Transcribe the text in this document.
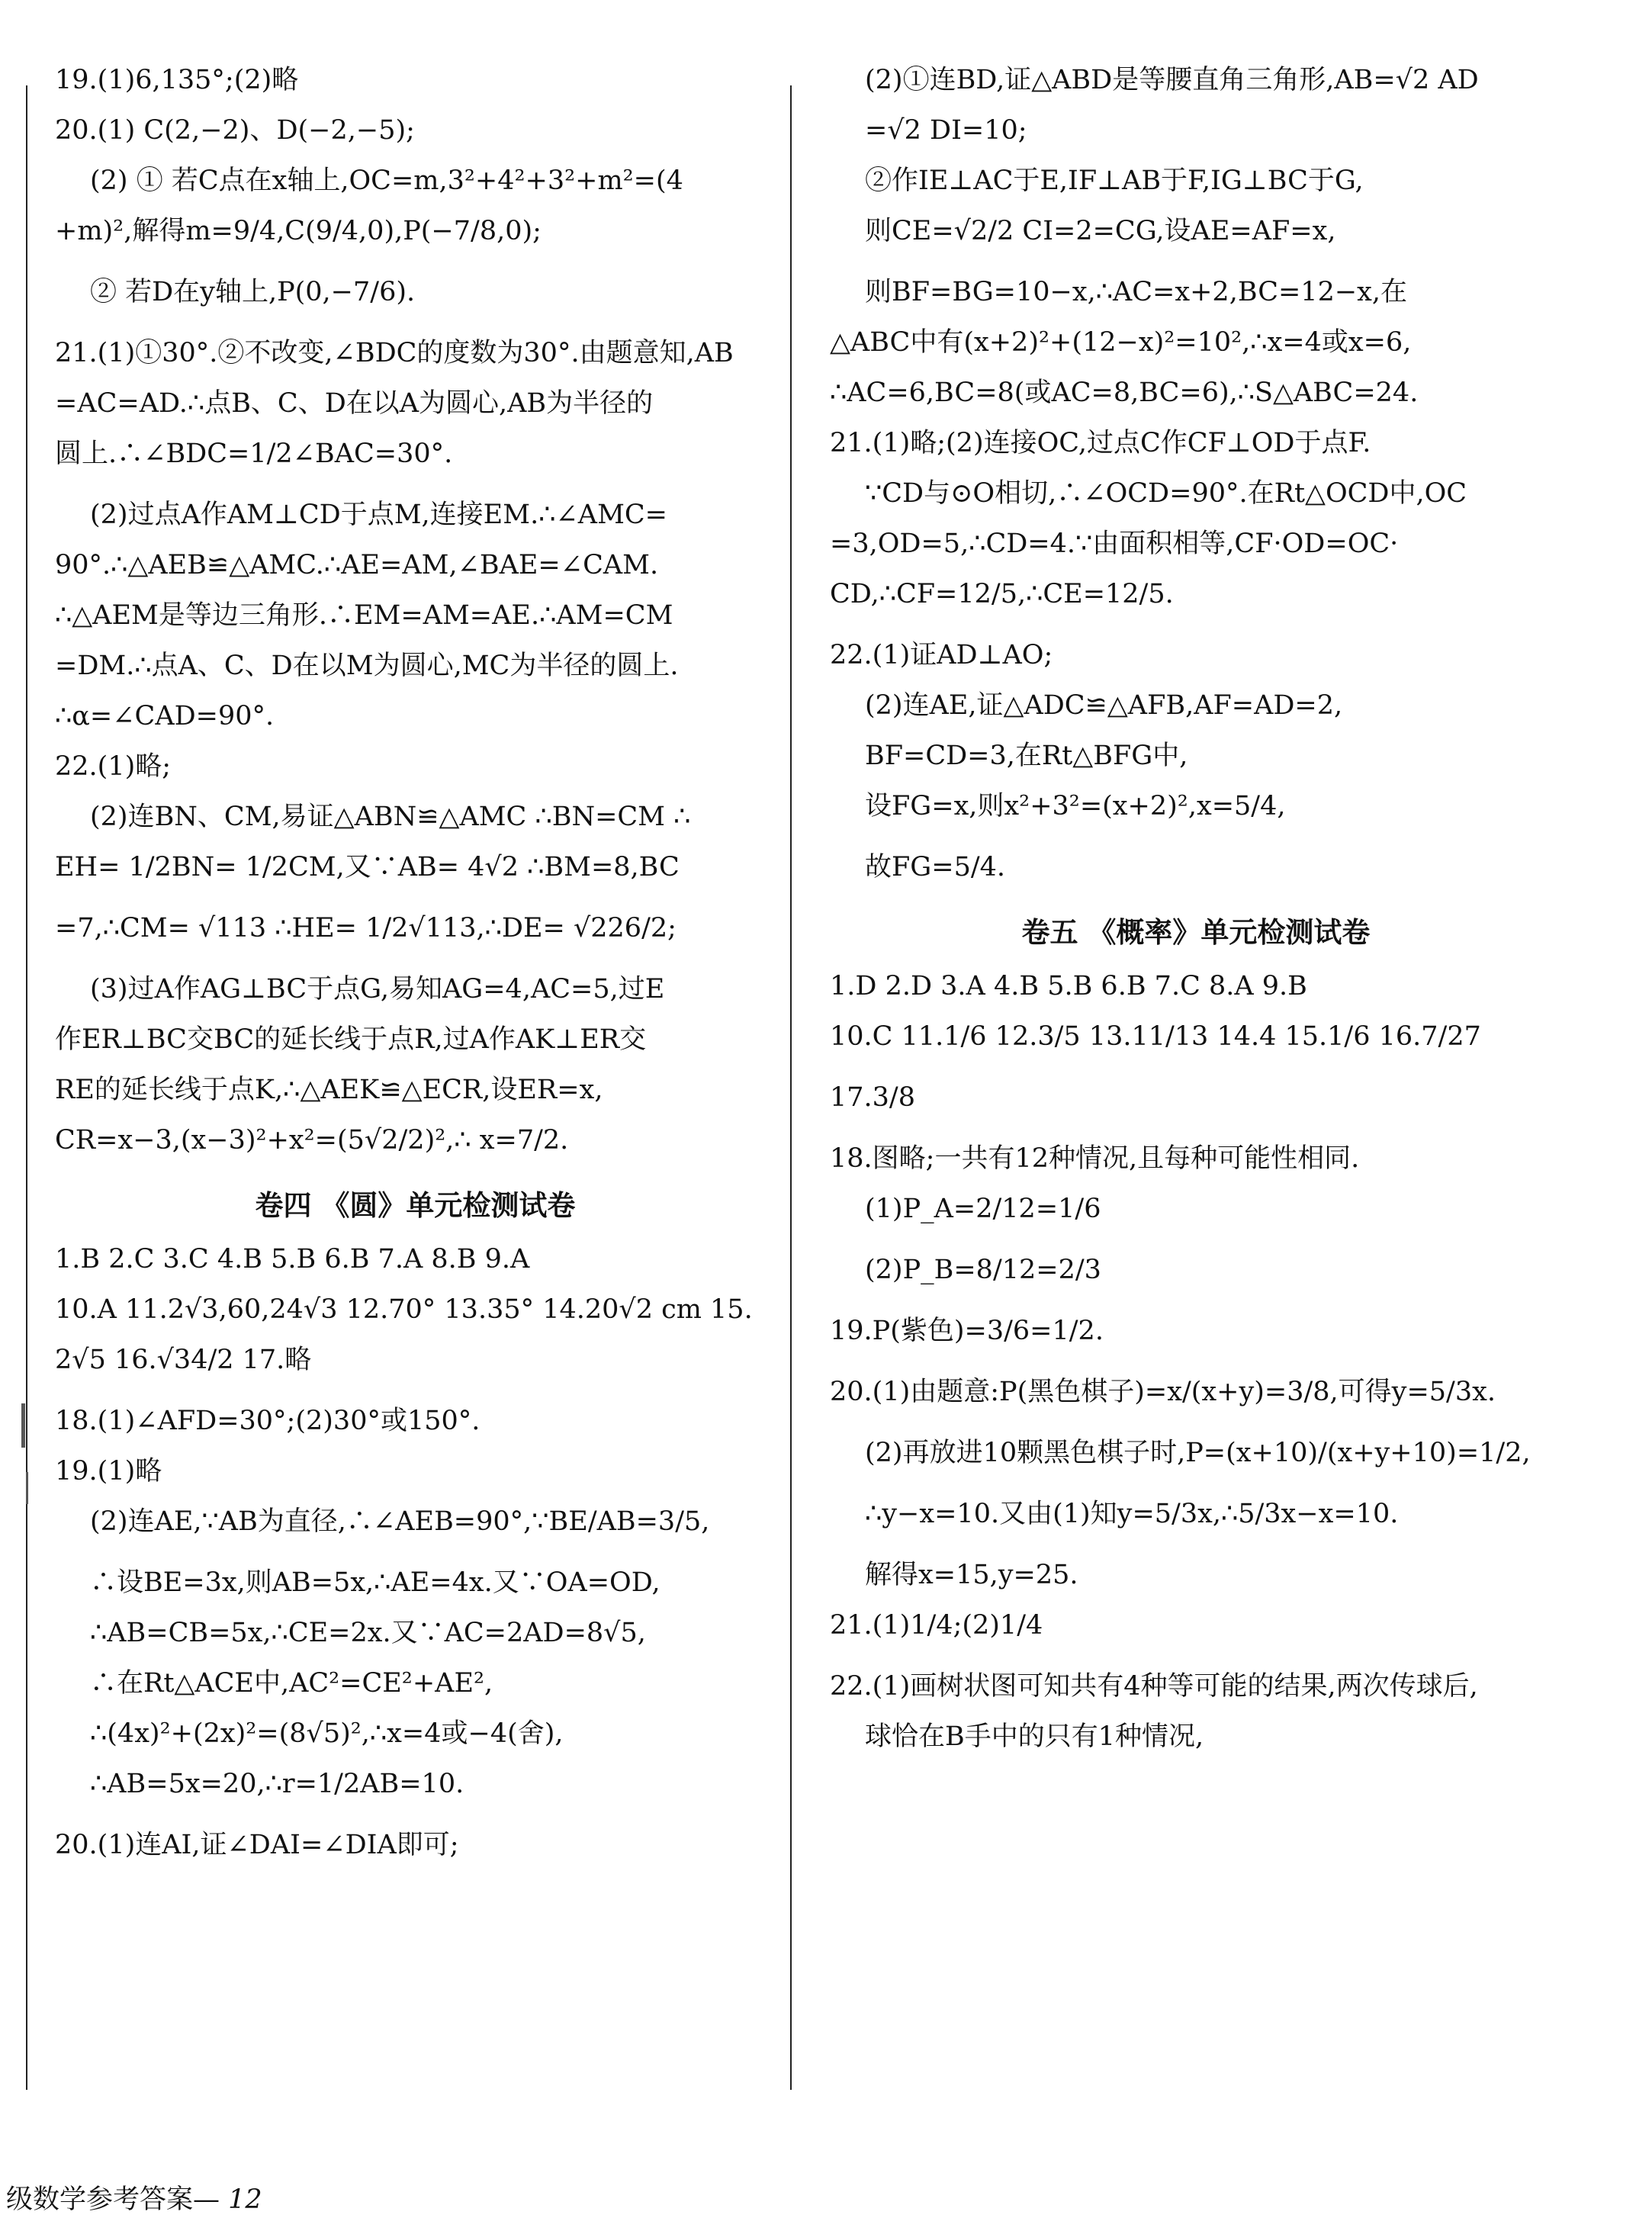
19.(1)6,135°;(2)略
20.(1) C(2,−2)、D(−2,−5);
(2) ① 若C点在x轴上,OC=m,3²+4²+3²+m²=(4
+m)²,解得m=9/4,C(9/4,0),P(−7/8,0);
② 若D在y轴上,P(0,−7/6).
21.(1)①30°.②不改变,∠BDC的度数为30°.由题意知,AB
=AC=AD.∴点B、C、D在以A为圆心,AB为半径的
圆上.∴∠BDC=1/2∠BAC=30°.
(2)过点A作AM⊥CD于点M,连接EM.∴∠AMC=
90°.∴△AEB≌△AMC.∴AE=AM,∠BAE=∠CAM.
∴△AEM是等边三角形.∴EM=AM=AE.∴AM=CM
=DM.∴点A、C、D在以M为圆心,MC为半径的圆上.
∴α=∠CAD=90°.
22.(1)略;
(2)连BN、CM,易证△ABN≌△AMC ∴BN=CM ∴
EH= 1/2BN= 1/2CM,又∵AB= 4√2 ∴BM=8,BC
=7,∴CM= √113 ∴HE= 1/2√113,∴DE= √226/2;
(3)过A作AG⊥BC于点G,易知AG=4,AC=5,过E
作ER⊥BC交BC的延长线于点R,过A作AK⊥ER交
RE的延长线于点K,∴△AEK≌△ECR,设ER=x,
CR=x−3,(x−3)²+x²=(5√2/2)²,∴ x=7/2.
卷四 《圆》单元检测试卷
1.B 2.C 3.C 4.B 5.B 6.B 7.A 8.B 9.A
10.A 11.2√3,60,24√3 12.70° 13.35° 14.20√2 cm 15.
2√5 16.√34/2 17.略
18.(1)∠AFD=30°;(2)30°或150°.
19.(1)略
(2)连AE,∵AB为直径,∴∠AEB=90°,∵BE/AB=3/5,
∴设BE=3x,则AB=5x,∴AE=4x.又∵OA=OD,
∴AB=CB=5x,∴CE=2x.又∵AC=2AD=8√5,
∴在Rt△ACE中,AC²=CE²+AE²,
∴(4x)²+(2x)²=(8√5)²,∴x=4或−4(舍),
∴AB=5x=20,∴r=1/2AB=10.
20.(1)连AI,证∠DAI=∠DIA即可;
(2)①连BD,证△ABD是等腰直角三角形,AB=√2 AD
=√2 DI=10;
②作IE⊥AC于E,IF⊥AB于F,IG⊥BC于G,
则CE=√2/2 CI=2=CG,设AE=AF=x,
则BF=BG=10−x,∴AC=x+2,BC=12−x,在
△ABC中有(x+2)²+(12−x)²=10²,∴x=4或x=6,
∴AC=6,BC=8(或AC=8,BC=6),∴S△ABC=24.
21.(1)略;(2)连接OC,过点C作CF⊥OD于点F.
∵CD与⊙O相切,∴∠OCD=90°.在Rt△OCD中,OC
=3,OD=5,∴CD=4.∵由面积相等,CF·OD=OC·
CD,∴CF=12/5,∴CE=12/5.
22.(1)证AD⊥AO;
(2)连AE,证△ADC≌△AFB,AF=AD=2,
BF=CD=3,在Rt△BFG中,
设FG=x,则x²+3²=(x+2)²,x=5/4,
故FG=5/4.
卷五 《概率》单元检测试卷
1.D 2.D 3.A 4.B 5.B 6.B 7.C 8.A 9.B
10.C 11.1/6 12.3/5 13.11/13 14.4 15.1/6 16.7/27
17.3/8
18.图略;一共有12种情况,且每种可能性相同.
(1)P_A=2/12=1/6
(2)P_B=8/12=2/3
19.P(紫色)=3/6=1/2.
20.(1)由题意:P(黑色棋子)=x/(x+y)=3/8,可得y=5/3x.
(2)再放进10颗黑色棋子时,P=(x+10)/(x+y+10)=1/2,
∴y−x=10.又由(1)知y=5/3x,∴5/3x−x=10.
解得x=15,y=25.
21.(1)1/4;(2)1/4
22.(1)画树状图可知共有4种等可能的结果,两次传球后,
球恰在B手中的只有1种情况,
级数学参考答案— 12
